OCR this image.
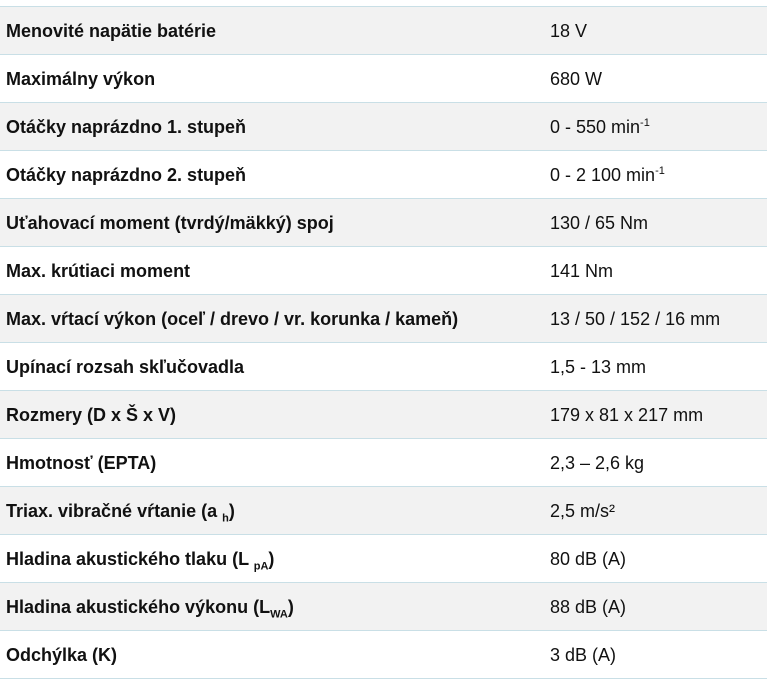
Menovité napätie batérie	18 V
Maximálny výkon	680 W
Otáčky naprázdno 1. stupeň	0 - 550 $\min^{-1}$
Otáčky naprázdno 2. stupeň	0 - 2 100 $\min^{-1}$
Uťahovací moment (tvrdý/mäkký) spoj	130 / 65 Nm
Max. krútiaci moment	141 Nm
Max. vŕtací výkon (oceľ / drevo / vr. korunka / kameň)	13 / 50 / 152 / 16 mm
Upínací rozsah skľučovadla	1,5 - 13 mm
Rozmery (D x Š x V)	179 x 81 x 217 mm
Hmotnosť (EPTA)	2,3 – 2,6 kg
Triax. vibračné vŕtanie (a $_h$)	2,5 m/s²
Hladina akustického tlaku (L $_{pA}$)	80 dB (A)
Hladina akustického výkonu $(L_{WA})$	88 dB (A)
Odchýlka (K)	3 dB (A)
